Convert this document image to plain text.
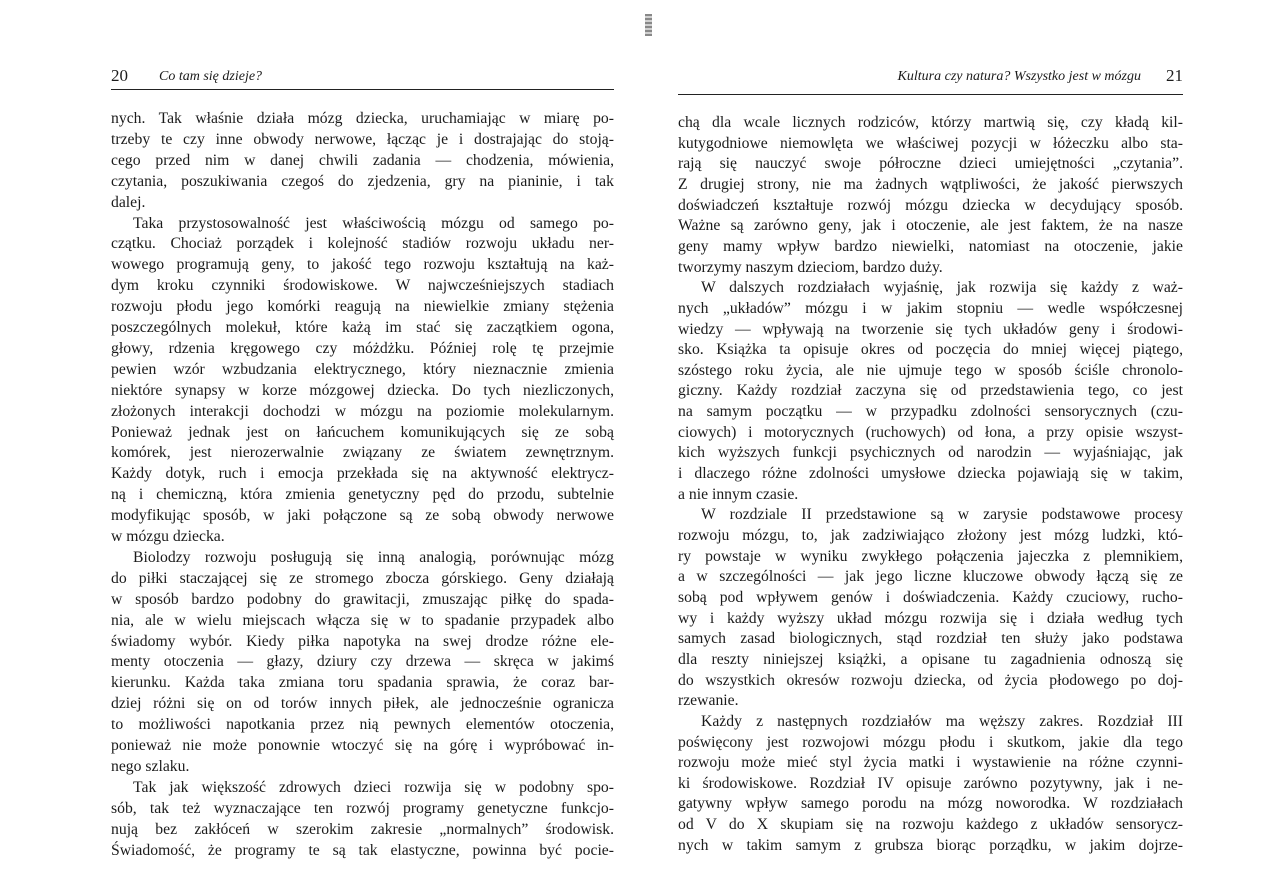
20 Co tam się dzieje?
nych. Tak właśnie działa mózg dziecka, uruchamiając w miarę po-
trzeby te czy inne obwody nerwowe, łącząc je i dostrajając do stoją-
cego przed nim w danej chwili zadania — chodzenia, mówienia,
czytania, poszukiwania czegoś do zjedzenia, gry na pianinie, i tak
dalej.
Taka przystosowalność jest właściwością mózgu od samego po-
czątku. Chociaż porządek i kolejność stadiów rozwoju układu ner-
wowego programują geny, to jakość tego rozwoju kształtują na każ-
dym kroku czynniki środowiskowe. W najwcześniejszych stadiach
rozwoju płodu jego komórki reagują na niewielkie zmiany stężenia
poszczególnych molekuł, które każą im stać się zaczątkiem ogona,
głowy, rdzenia kręgowego czy móżdżku. Później rolę tę przejmie
pewien wzór wzbudzania elektrycznego, który nieznacznie zmienia
niektóre synapsy w korze mózgowej dziecka. Do tych niezliczonych,
złożonych interakcji dochodzi w mózgu na poziomie molekularnym.
Ponieważ jednak jest on łańcuchem komunikujących się ze sobą
komórek, jest nierozerwalnie związany ze światem zewnętrznym.
Każdy dotyk, ruch i emocja przekłada się na aktywność elektrycz-
ną i chemiczną, która zmienia genetyczny pęd do przodu, subtelnie
modyfikując sposób, w jaki połączone są ze sobą obwody nerwowe
w mózgu dziecka.
Biolodzy rozwoju posługują się inną analogią, porównując mózg
do piłki staczającej się ze stromego zbocza górskiego. Geny działają
w sposób bardzo podobny do grawitacji, zmuszając piłkę do spada-
nia, ale w wielu miejscach włącza się w to spadanie przypadek albo
świadomy wybór. Kiedy piłka napotyka na swej drodze różne ele-
menty otoczenia — głazy, dziury czy drzewa — skręca w jakimś
kierunku. Każda taka zmiana toru spadania sprawia, że coraz bar-
dziej różni się on od torów innych piłek, ale jednocześnie ogranicza
to możliwości napotkania przez nią pewnych elementów otoczenia,
ponieważ nie może ponownie wtoczyć się na górę i wypróbować in-
nego szlaku.
Tak jak większość zdrowych dzieci rozwija się w podobny spo-
sób, tak też wyznaczające ten rozwój programy genetyczne funkcjo-
nują bez zakłóceń w szerokim zakresie „normalnych” środowisk.
Świadomość, że programy te są tak elastyczne, powinna być pocie-
Kultura czy natura? Wszystko jest w mózgu 21
chą dla wcale licznych rodziców, którzy martwią się, czy kładą kil-
kutygodniowe niemowlęta we właściwej pozycji w łóżeczku albo sta-
rają się nauczyć swoje półroczne dzieci umiejętności „czytania”.
Z drugiej strony, nie ma żadnych wątpliwości, że jakość pierwszych
doświadczeń kształtuje rozwój mózgu dziecka w decydujący sposób.
Ważne są zarówno geny, jak i otoczenie, ale jest faktem, że na nasze
geny mamy wpływ bardzo niewielki, natomiast na otoczenie, jakie
tworzymy naszym dzieciom, bardzo duży.
W dalszych rozdziałach wyjaśnię, jak rozwija się każdy z waż-
nych „układów” mózgu i w jakim stopniu — wedle współczesnej
wiedzy — wpływają na tworzenie się tych układów geny i środowi-
sko. Książka ta opisuje okres od poczęcia do mniej więcej piątego,
szóstego roku życia, ale nie ujmuje tego w sposób ściśle chronolo-
giczny. Każdy rozdział zaczyna się od przedstawienia tego, co jest
na samym początku — w przypadku zdolności sensorycznych (czu-
ciowych) i motorycznych (ruchowych) od łona, a przy opisie wszyst-
kich wyższych funkcji psychicznych od narodzin — wyjaśniając, jak
i dlaczego różne zdolności umysłowe dziecka pojawiają się w takim,
a nie innym czasie.
W rozdziale II przedstawione są w zarysie podstawowe procesy
rozwoju mózgu, to, jak zadziwiająco złożony jest mózg ludzki, któ-
ry powstaje w wyniku zwykłego połączenia jajeczka z plemnikiem,
a w szczególności — jak jego liczne kluczowe obwody łączą się ze
sobą pod wpływem genów i doświadczenia. Każdy czuciowy, rucho-
wy i każdy wyższy układ mózgu rozwija się i działa według tych
samych zasad biologicznych, stąd rozdział ten służy jako podstawa
dla reszty niniejszej książki, a opisane tu zagadnienia odnoszą się
do wszystkich okresów rozwoju dziecka, od życia płodowego po doj-
rzewanie.
Każdy z następnych rozdziałów ma węższy zakres. Rozdział III
poświęcony jest rozwojowi mózgu płodu i skutkom, jakie dla tego
rozwoju może mieć styl życia matki i wystawienie na różne czynni-
ki środowiskowe. Rozdział IV opisuje zarówno pozytywny, jak i ne-
gatywny wpływ samego porodu na mózg noworodka. W rozdziałach
od V do X skupiam się na rozwoju każdego z układów sensorycz-
nych w takim samym z grubsza biorąc porządku, w jakim dojrze-
